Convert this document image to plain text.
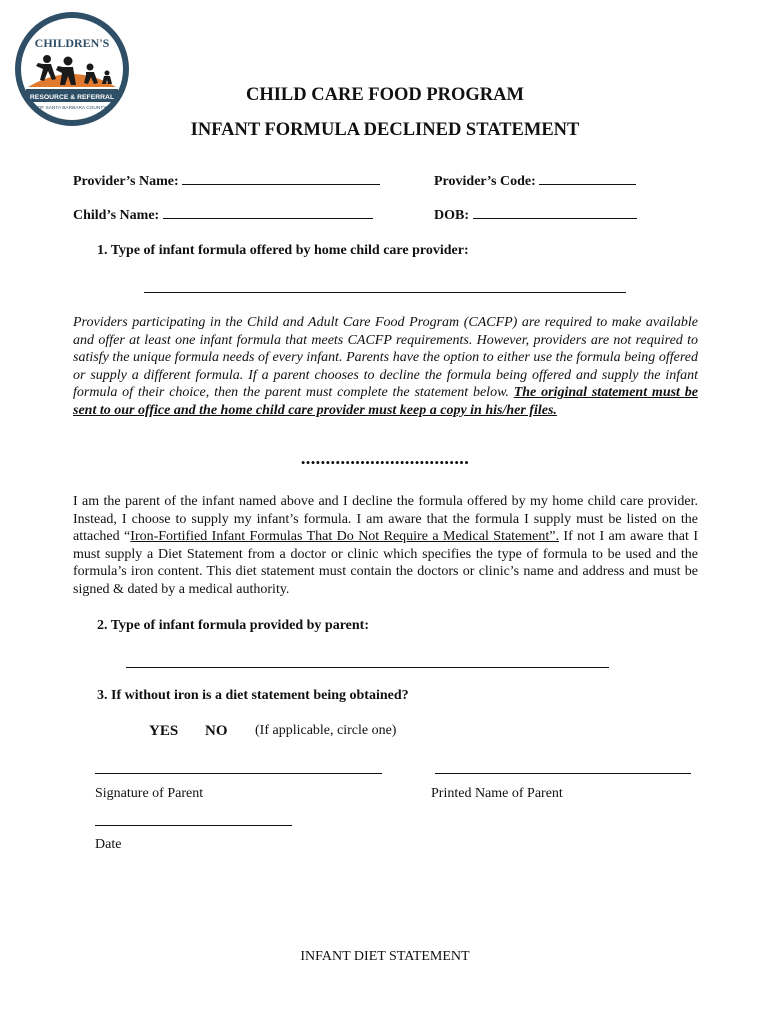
CHILDREN'S
RESOURCE & REFERRAL
OF SANTA BARBARA COUNTY
CHILD CARE FOOD PROGRAM
INFANT FORMULA DECLINED STATEMENT
Provider’s Name:	Provider’s Code:
Child’s Name:	DOB:
1. Type of infant formula offered by home child care provider:
Providers participating in the Child and Adult Care Food Program (CACFP) are required to make available and offer at least one infant formula that meets CACFP requirements. However, providers are not required to satisfy the unique formula needs of every infant. Parents have the option to either use the formula being offered or supply a different formula. If a parent chooses to decline the formula being offered and supply the infant formula of their choice, then the parent must complete the statement below. The original statement must be sent to our office and the home child care provider must keep a copy in his/her files.
••••••••••••••••••••••••••••••••••
I am the parent of the infant named above and I decline the formula offered by my home child care provider. Instead, I choose to supply my infant’s formula. I am aware that the formula I supply must be listed on the attached “Iron-Fortified Infant Formulas That Do Not Require a Medical Statement”. If not I am aware that I must supply a Diet Statement from a doctor or clinic which specifies the type of formula to be used and the formula’s iron content. This diet statement must contain the doctors or clinic’s name and address and must be signed & dated by a medical authority.
2. Type of infant formula provided by parent:
3. If without iron is a diet statement being obtained?
YES NO (If applicable, circle one)
Signature of Parent	Printed Name of Parent
Date
INFANT DIET STATEMENT
